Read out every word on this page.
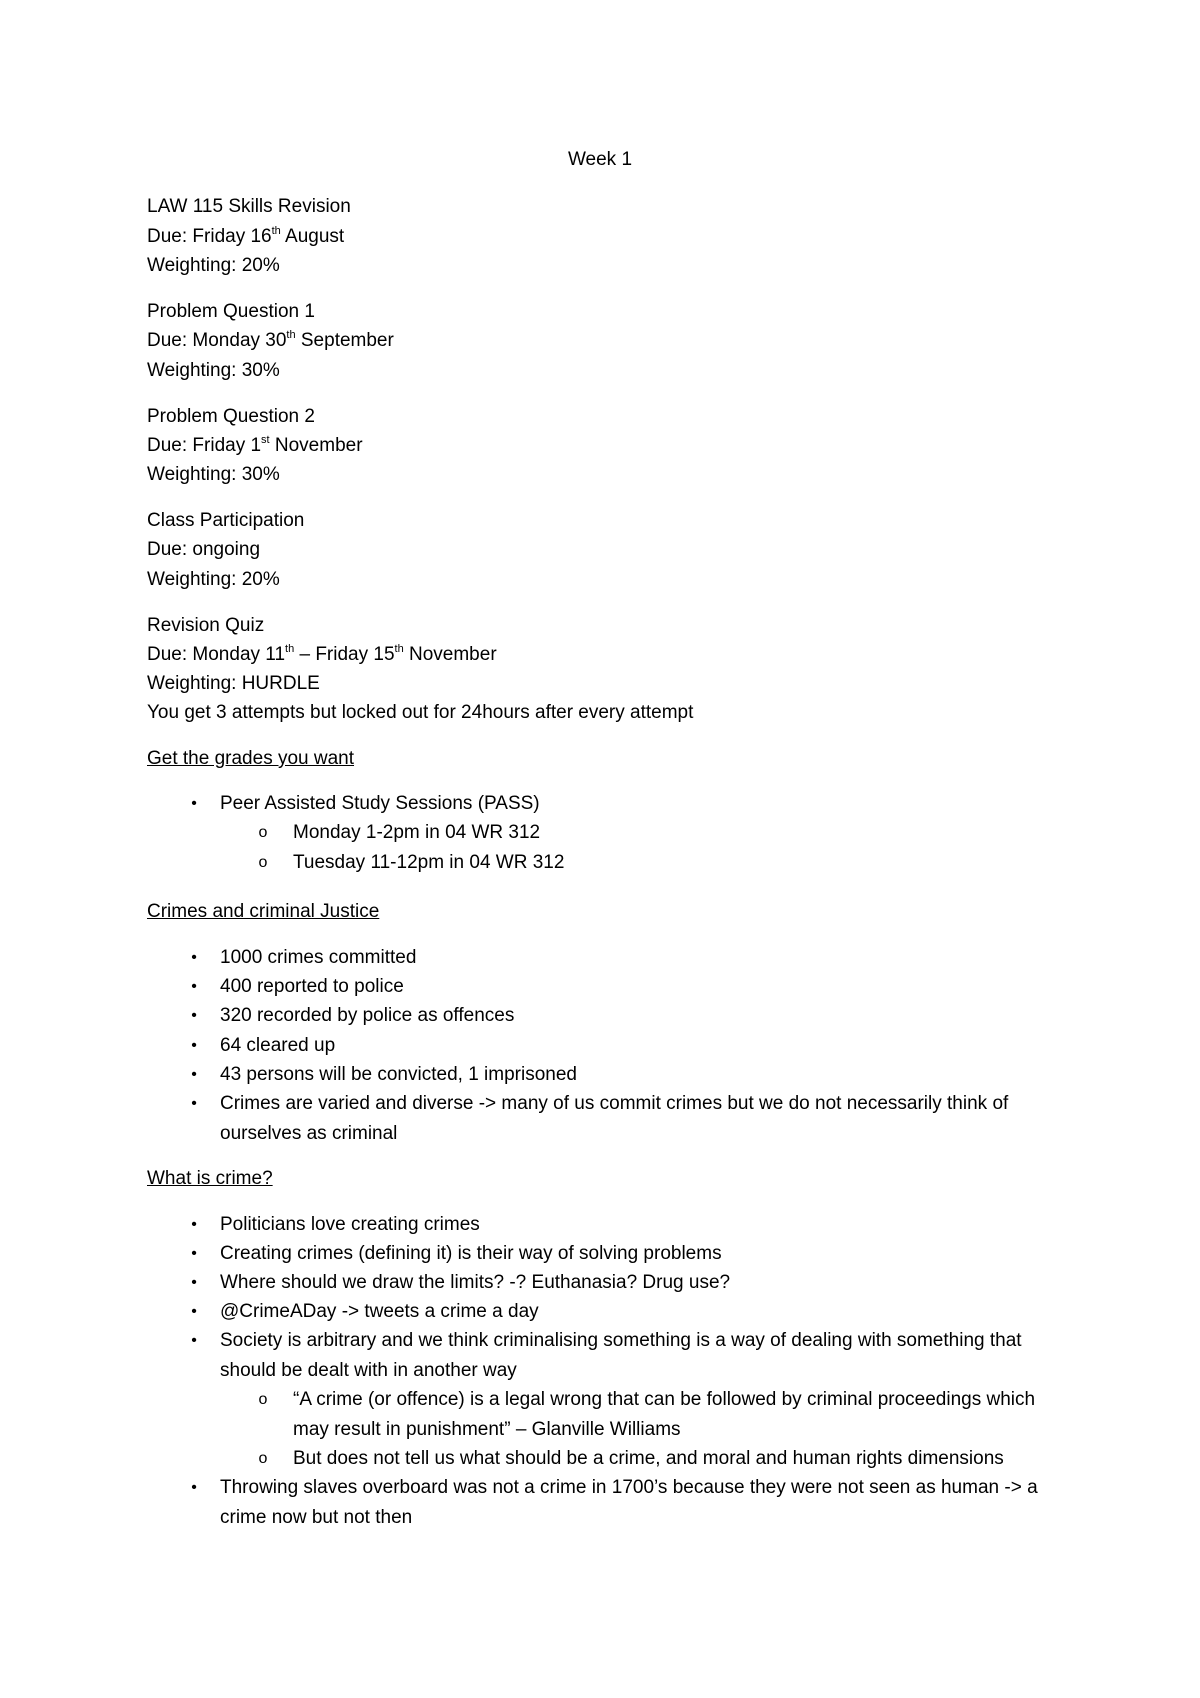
Week 1
LAW 115 Skills Revision
Due: Friday 16th August
Weighting: 20%
Problem Question 1
Due: Monday 30th September
Weighting: 30%
Problem Question 2
Due: Friday 1st November
Weighting: 30%
Class Participation
Due: ongoing
Weighting: 20%
Revision Quiz
Due: Monday 11th – Friday 15th November
Weighting: HURDLE
You get 3 attempts but locked out for 24hours after every attempt
Get the grades you want
• Peer Assisted Study Sessions (PASS)
o Monday 1-2pm in 04 WR 312
o Tuesday 11-12pm in 04 WR 312
Crimes and criminal Justice
• 1000 crimes committed
• 400 reported to police
• 320 recorded by police as offences
• 64 cleared up
• 43 persons will be convicted, 1 imprisoned
• Crimes are varied and diverse -> many of us commit crimes but we do not necessarily think of ourselves as criminal
What is crime?
• Politicians love creating crimes
• Creating crimes (defining it) is their way of solving problems
• Where should we draw the limits? -? Euthanasia? Drug use?
• @CrimeADay -> tweets a crime a day
• Society is arbitrary and we think criminalising something is a way of dealing with something that should be dealt with in another way
o “A crime (or offence) is a legal wrong that can be followed by criminal proceedings which may result in punishment” – Glanville Williams
o But does not tell us what should be a crime, and moral and human rights dimensions
• Throwing slaves overboard was not a crime in 1700’s because they were not seen as human -> a crime now but not then
